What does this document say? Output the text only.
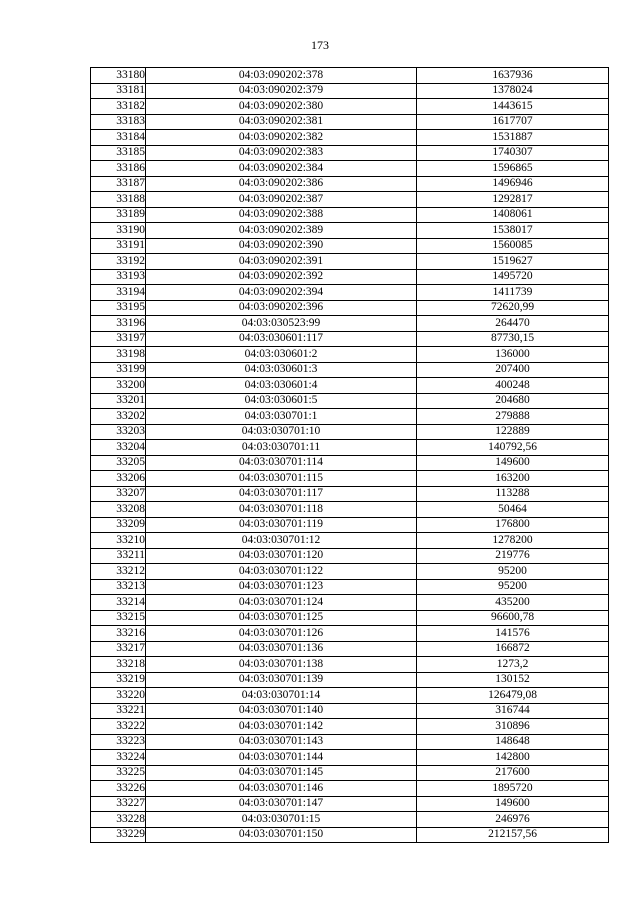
173
33180	04:03:090202:378	1637936
33181	04:03:090202:379	1378024
33182	04:03:090202:380	1443615
33183	04:03:090202:381	1617707
33184	04:03:090202:382	1531887
33185	04:03:090202:383	1740307
33186	04:03:090202:384	1596865
33187	04:03:090202:386	1496946
33188	04:03:090202:387	1292817
33189	04:03:090202:388	1408061
33190	04:03:090202:389	1538017
33191	04:03:090202:390	1560085
33192	04:03:090202:391	1519627
33193	04:03:090202:392	1495720
33194	04:03:090202:394	1411739
33195	04:03:090202:396	72620,99
33196	04:03:030523:99	264470
33197	04:03:030601:117	87730,15
33198	04:03:030601:2	136000
33199	04:03:030601:3	207400
33200	04:03:030601:4	400248
33201	04:03:030601:5	204680
33202	04:03:030701:1	279888
33203	04:03:030701:10	122889
33204	04:03:030701:11	140792,56
33205	04:03:030701:114	149600
33206	04:03:030701:115	163200
33207	04:03:030701:117	113288
33208	04:03:030701:118	50464
33209	04:03:030701:119	176800
33210	04:03:030701:12	1278200
33211	04:03:030701:120	219776
33212	04:03:030701:122	95200
33213	04:03:030701:123	95200
33214	04:03:030701:124	435200
33215	04:03:030701:125	96600,78
33216	04:03:030701:126	141576
33217	04:03:030701:136	166872
33218	04:03:030701:138	1273,2
33219	04:03:030701:139	130152
33220	04:03:030701:14	126479,08
33221	04:03:030701:140	316744
33222	04:03:030701:142	310896
33223	04:03:030701:143	148648
33224	04:03:030701:144	142800
33225	04:03:030701:145	217600
33226	04:03:030701:146	1895720
33227	04:03:030701:147	149600
33228	04:03:030701:15	246976
33229	04:03:030701:150	212157,56
